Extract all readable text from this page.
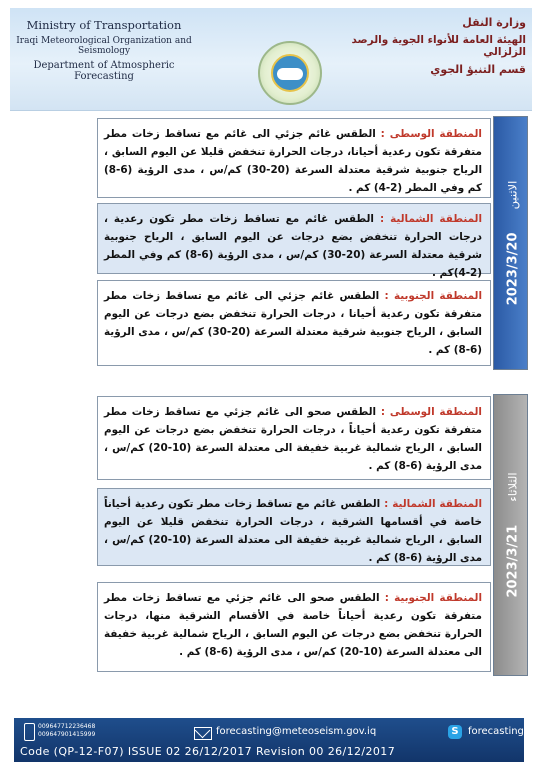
Ministry of Transportation
Iraqi Meteorological Organization and Seismology
Department of Atmospheric Forecasting
وزارة النقل
الهيئة العامة للأنواء الجوية والرصد الزلزالي
قسم التنبؤ الجوي
2023/3/20 الاثنين
المنطقة الوسطى : الطقس غائم جزئي الى غائم مع تساقط زخات مطر متفرقة تكون رعدية أحيانا، درجات الحرارة تنخفض قليلا عن اليوم السابق ، الرياح جنوبية شرقية معتدلة السرعة (20-30) كم/س ، مدى الرؤية (6-8) كم وفي المطر (2-4) كم .
المنطقة الشمالية : الطقس غائم مع تساقط زخات مطر تكون رعدية ، درجات الحرارة تنخفض بضع درجات عن اليوم السابق ، الرياح جنوبية شرقية معتدلة السرعة (20-30) كم/س ، مدى الرؤية (6-8) كم وفي المطر (2-4)كم .
المنطقة الجنوبية : الطقس غائم جزئي الى غائم مع تساقط زخات مطر متفرقة تكون رعدية أحيانا ، درجات الحرارة تنخفض بضع درجات عن اليوم السابق ، الرياح جنوبية شرقية معتدلة السرعة (20-30) كم/س ، مدى الرؤية (6-8) كم .
2023/3/21 الثلاثاء
المنطقة الوسطى : الطقس صحو الى غائم جزئي مع تساقط زخات مطر متفرقة تكون رعدية أحياناً ، درجات الحرارة تنخفض بضع درجات عن اليوم السابق ، الرياح شمالية غربية خفيفة الى معتدلة السرعة (10-20) كم/س ، مدى الرؤية (6-8) كم .
المنطقة الشمالية : الطقس غائم مع تساقط زخات مطر تكون رعدية أحياناً خاصة في أقسامها الشرقية ، درجات الحرارة تنخفض قليلا عن اليوم السابق ، الرياح شمالية غربية خفيفة الى معتدلة السرعة (10-20) كم/س ، مدى الرؤية (6-8) كم .
المنطقة الجنوبية : الطقس صحو الى غائم جزئي مع تساقط زخات مطر متفرقة تكون رعدية أحياناً خاصة في الأقسام الشرقية منها، درجات الحرارة تنخفض بضع درجات عن اليوم السابق ، الرياح شمالية غربية خفيفة الى معتدلة السرعة (10-20) كم/س ، مدى الرؤية (6-8) كم .
009647712236468
009647901415999	forecasting@meteoseism.gov.iq	S forecasting
Code (QP-12-F07) ISSUE 02 26/12/2017 Revision 00 26/12/2017
